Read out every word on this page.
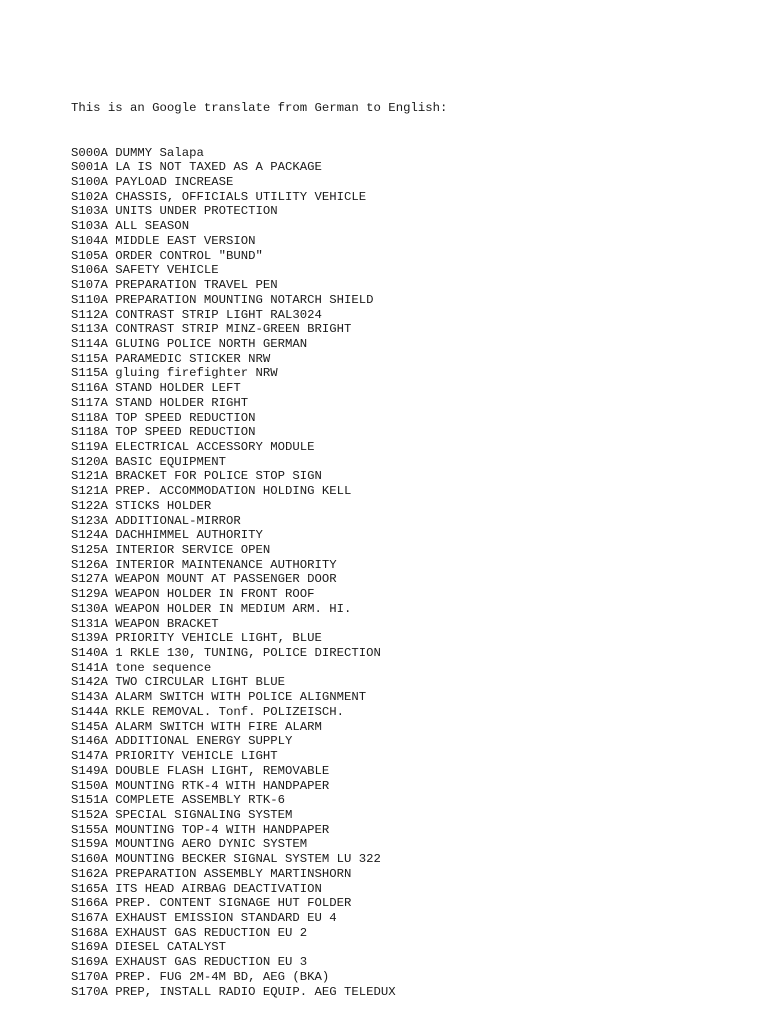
This is an Google translate from German to English:

S000A DUMMY Salapa
S001A LA IS NOT TAXED AS A PACKAGE
S100A PAYLOAD INCREASE
S102A CHASSIS, OFFICIALS UTILITY VEHICLE
S103A UNITS UNDER PROTECTION
S103A ALL SEASON
S104A MIDDLE EAST VERSION
S105A ORDER CONTROL "BUND"
S106A SAFETY VEHICLE
S107A PREPARATION TRAVEL PEN
S110A PREPARATION MOUNTING NOTARCH SHIELD
S112A CONTRAST STRIP LIGHT RAL3024
S113A CONTRAST STRIP MINZ-GREEN BRIGHT
S114A GLUING POLICE NORTH GERMAN
S115A PARAMEDIC STICKER NRW
S115A gluing firefighter NRW
S116A STAND HOLDER LEFT
S117A STAND HOLDER RIGHT
S118A TOP SPEED REDUCTION
S118A TOP SPEED REDUCTION
S119A ELECTRICAL ACCESSORY MODULE
S120A BASIC EQUIPMENT
S121A BRACKET FOR POLICE STOP SIGN
S121A PREP. ACCOMMODATION HOLDING KELL
S122A STICKS HOLDER
S123A ADDITIONAL-MIRROR
S124A DACHHIMMEL AUTHORITY
S125A INTERIOR SERVICE OPEN
S126A INTERIOR MAINTENANCE AUTHORITY
S127A WEAPON MOUNT AT PASSENGER DOOR
S129A WEAPON HOLDER IN FRONT ROOF
S130A WEAPON HOLDER IN MEDIUM ARM. HI.
S131A WEAPON BRACKET
S139A PRIORITY VEHICLE LIGHT, BLUE
S140A 1 RKLE 130, TUNING, POLICE DIRECTION
S141A tone sequence
S142A TWO CIRCULAR LIGHT BLUE
S143A ALARM SWITCH WITH POLICE ALIGNMENT
S144A RKLE REMOVAL. Tonf. POLIZEISCH.
S145A ALARM SWITCH WITH FIRE ALARM
S146A ADDITIONAL ENERGY SUPPLY
S147A PRIORITY VEHICLE LIGHT
S149A DOUBLE FLASH LIGHT, REMOVABLE
S150A MOUNTING RTK-4 WITH HANDPAPER
S151A COMPLETE ASSEMBLY RTK-6
S152A SPECIAL SIGNALING SYSTEM
S155A MOUNTING TOP-4 WITH HANDPAPER
S159A MOUNTING AERO DYNIC SYSTEM
S160A MOUNTING BECKER SIGNAL SYSTEM LU 322
S162A PREPARATION ASSEMBLY MARTINSHORN
S165A ITS HEAD AIRBAG DEACTIVATION
S166A PREP. CONTENT SIGNAGE HUT FOLDER
S167A EXHAUST EMISSION STANDARD EU 4
S168A EXHAUST GAS REDUCTION EU 2
S169A DIESEL CATALYST
S169A EXHAUST GAS REDUCTION EU 3
S170A PREP. FUG 2M-4M BD, AEG (BKA)
S170A PREP, INSTALL RADIO EQUIP. AEG TELEDUX
